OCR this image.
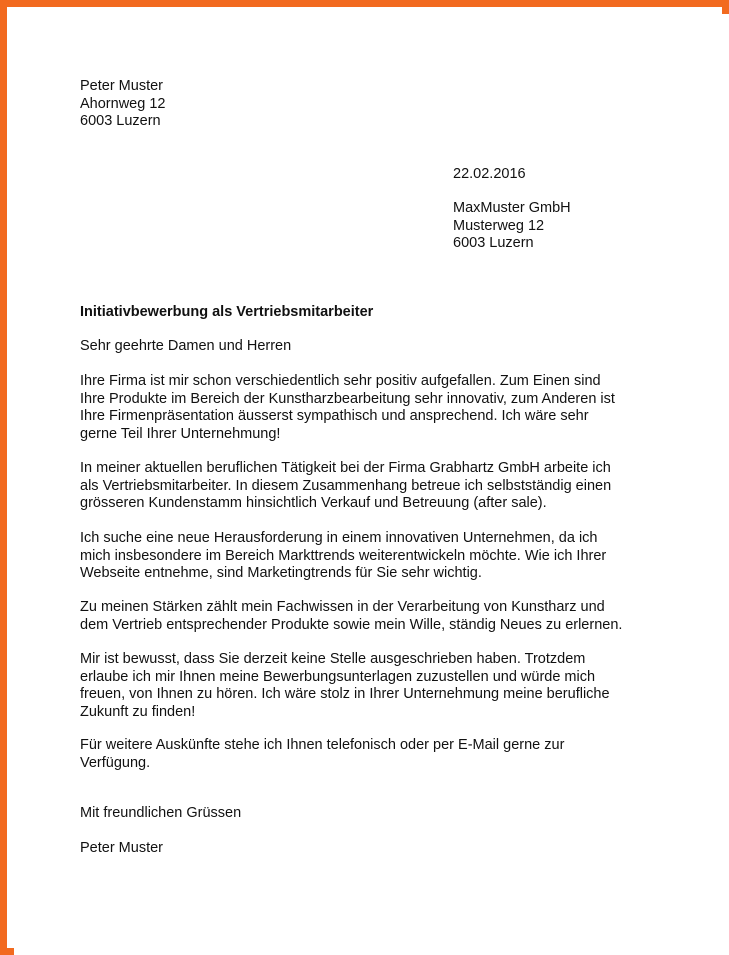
Peter Muster
Ahornweg 12
6003 Luzern
22.02.2016
MaxMuster GmbH
Musterweg 12
6003 Luzern
Initiativbewerbung als Vertriebsmitarbeiter
Sehr geehrte Damen und Herren
Ihre Firma ist mir schon verschiedentlich sehr positiv aufgefallen. Zum Einen sind
Ihre Produkte im Bereich der Kunstharzbearbeitung sehr innovativ, zum Anderen ist
Ihre Firmenpräsentation äusserst sympathisch und ansprechend. Ich wäre sehr
gerne Teil Ihrer Unternehmung!
In meiner aktuellen beruflichen Tätigkeit bei der Firma Grabhartz GmbH arbeite ich
als Vertriebsmitarbeiter. In diesem Zusammenhang betreue ich selbstständig einen
grösseren Kundenstamm hinsichtlich Verkauf und Betreuung (after sale).
Ich suche eine neue Herausforderung in einem innovativen Unternehmen, da ich
mich insbesondere im Bereich Markttrends weiterentwickeln möchte. Wie ich Ihrer
Webseite entnehme, sind Marketingtrends für Sie sehr wichtig.
Zu meinen Stärken zählt mein Fachwissen in der Verarbeitung von Kunstharz und
dem Vertrieb entsprechender Produkte sowie mein Wille, ständig Neues zu erlernen.
Mir ist bewusst, dass Sie derzeit keine Stelle ausgeschrieben haben. Trotzdem
erlaube ich mir Ihnen meine Bewerbungsunterlagen zuzustellen und würde mich
freuen, von Ihnen zu hören. Ich wäre stolz in Ihrer Unternehmung meine berufliche
Zukunft zu finden!
Für weitere Auskünfte stehe ich Ihnen telefonisch oder per E-Mail gerne zur
Verfügung.
Mit freundlichen Grüssen
Peter Muster
